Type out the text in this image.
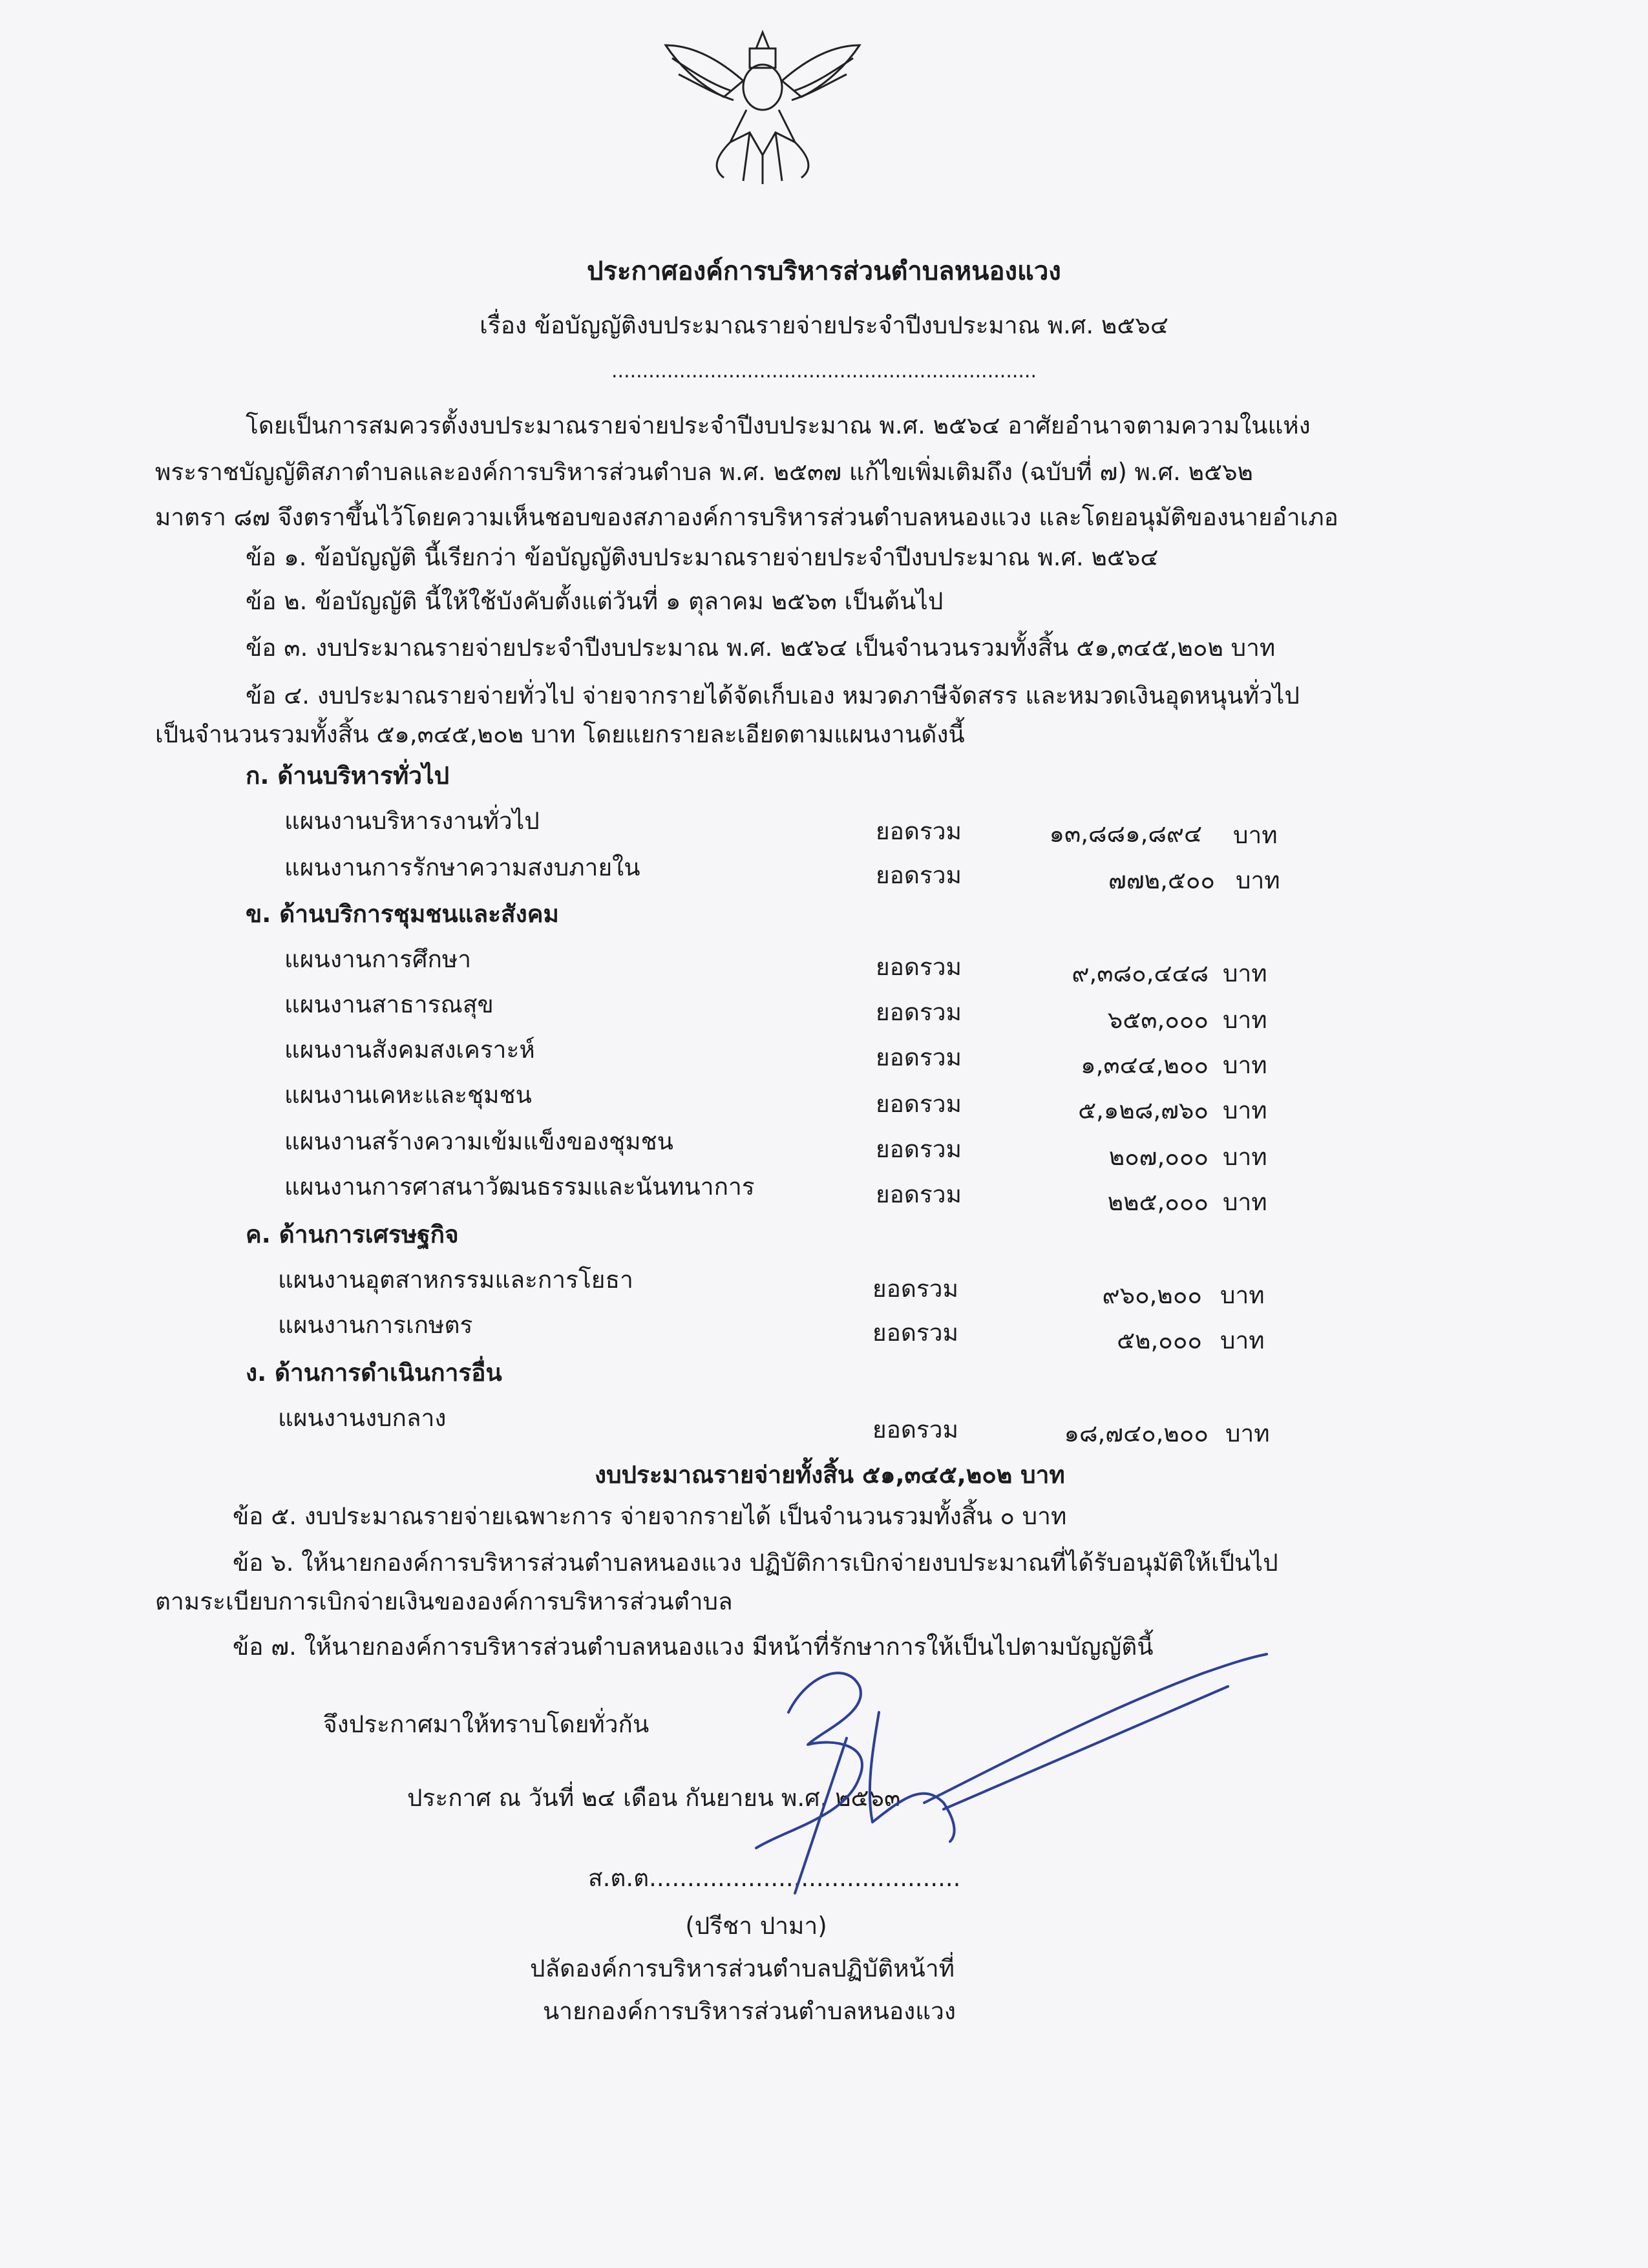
ประกาศองค์การบริหารส่วนตำบลหนองแวง
เรื่อง ข้อบัญญัติงบประมาณรายจ่ายประจำปีงบประมาณ พ.ศ. ๒๕๖๔
.....................................................................
โดยเป็นการสมควรตั้งงบประมาณรายจ่ายประจำปีงบประมาณ พ.ศ. ๒๕๖๔ อาศัยอำนาจตามความในแห่ง
พระราชบัญญัติสภาตำบลและองค์การบริหารส่วนตำบล พ.ศ. ๒๕๓๗ แก้ไขเพิ่มเติมถึง (ฉบับที่ ๗) พ.ศ. ๒๕๖๒
มาตรา ๘๗ จึงตราขึ้นไว้โดยความเห็นชอบของสภาองค์การบริหารส่วนตำบลหนองแวง และโดยอนุมัติของนายอำเภอ
ข้อ ๑. ข้อบัญญัติ นี้เรียกว่า ข้อบัญญัติงบประมาณรายจ่ายประจำปีงบประมาณ พ.ศ. ๒๕๖๔
ข้อ ๒. ข้อบัญญัติ นี้ให้ใช้บังคับตั้งแต่วันที่ ๑ ตุลาคม ๒๕๖๓ เป็นต้นไป
ข้อ ๓. งบประมาณรายจ่ายประจำปีงบประมาณ พ.ศ. ๒๕๖๔ เป็นจำนวนรวมทั้งสิ้น ๕๑,๓๔๕,๒๐๒ บาท
ข้อ ๔. งบประมาณรายจ่ายทั่วไป จ่ายจากรายได้จัดเก็บเอง หมวดภาษีจัดสรร และหมวดเงินอุดหนุนทั่วไป
เป็นจำนวนรวมทั้งสิ้น ๕๑,๓๔๕,๒๐๒ บาท โดยแยกรายละเอียดตามแผนงานดังนี้
ก. ด้านบริหารทั่วไป
แผนงานบริหารงานทั่วไป	ยอดรวม	๑๓,๘๘๑,๘๙๔ บาท
แผนงานการรักษาความสงบภายใน	ยอดรวม	๗๗๒,๕๐๐ บาท
ข. ด้านบริการชุมชนและสังคม
แผนงานการศึกษา	ยอดรวม	๙,๓๘๐,๔๔๘ บาท
แผนงานสาธารณสุข	ยอดรวม	๖๕๓,๐๐๐ บาท
แผนงานสังคมสงเคราะห์	ยอดรวม	๑,๓๔๔,๒๐๐ บาท
แผนงานเคหะและชุมชน	ยอดรวม	๕,๑๒๘,๗๖๐ บาท
แผนงานสร้างความเข้มแข็งของชุมชน	ยอดรวม	๒๐๗,๐๐๐ บาท
แผนงานการศาสนาวัฒนธรรมและนันทนาการ	ยอดรวม	๒๒๕,๐๐๐ บาท
ค. ด้านการเศรษฐกิจ
แผนงานอุตสาหกรรมและการโยธา	ยอดรวม	๙๖๐,๒๐๐ บาท
แผนงานการเกษตร	ยอดรวม	๕๒,๐๐๐ บาท
ง. ด้านการดำเนินการอื่น
แผนงานงบกลาง	ยอดรวม	๑๘,๗๔๐,๒๐๐ บาท
งบประมาณรายจ่ายทั้งสิ้น ๕๑,๓๔๕,๒๐๒ บาท
ข้อ ๕. งบประมาณรายจ่ายเฉพาะการ จ่ายจากรายได้ เป็นจำนวนรวมทั้งสิ้น ๐ บาท
ข้อ ๖. ให้นายกองค์การบริหารส่วนตำบลหนองแวง ปฏิบัติการเบิกจ่ายงบประมาณที่ได้รับอนุมัติให้เป็นไป
ตามระเบียบการเบิกจ่ายเงินขององค์การบริหารส่วนตำบล
ข้อ ๗. ให้นายกองค์การบริหารส่วนตำบลหนองแวง มีหน้าที่รักษาการให้เป็นไปตามบัญญัตินี้
จึงประกาศมาให้ทราบโดยทั่วกัน
ประกาศ ณ วันที่ ๒๔ เดือน กันยายน พ.ศ. ๒๕๖๓
ส.ต.ต.........................................
(ปรีชา ปามา)
ปลัดองค์การบริหารส่วนตำบลปฏิบัติหน้าที่
นายกองค์การบริหารส่วนตำบลหนองแวง
